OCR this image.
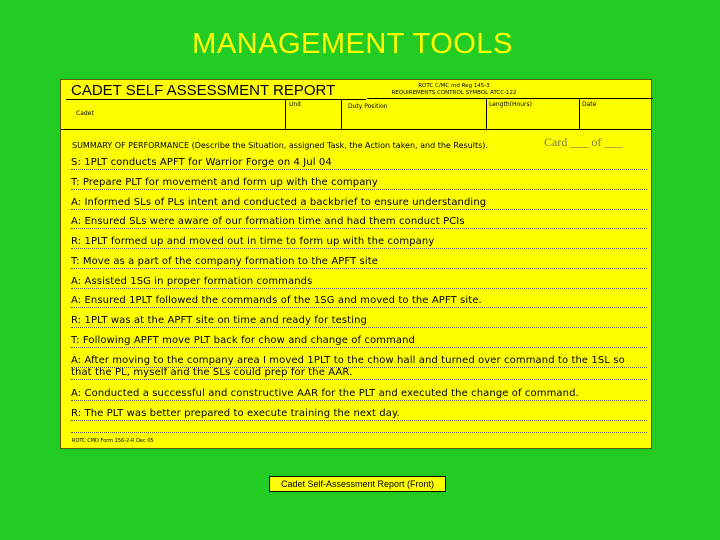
MANAGEMENT TOOLS
CADET SELF ASSESSMENT REPORT	ROTC C/MC md Reg 145-3
REQUIREMENTS CONTROL SYMBOL ATCC-122
Cadet
Unit	Duty Position	Length(Hours)	Date
SUMMARY OF PERFORMANCE (Describe the Situation, assigned Task, the Action taken, and the Results).	Card ___ of ___
S: 1PLT conducts APFT for Warrior Forge on 4 Jul 04
T: Prepare PLT for movement and form up with the company
A: Informed SLs of PLs intent and conducted a backbrief to ensure understanding
A: Ensured SLs were aware of our formation time and had them conduct PCIs
R: 1PLT formed up and moved out in time to form up with the company
T: Move as a part of the company formation to the APFT site
A: Assisted 1SG in proper formation commands
A: Ensured 1PLT followed the commands of the 1SG and moved to the APFT site.
R: 1PLT was at the APFT site on time and ready for testing
T: Following APFT move PLT back for chow and change of command
A: After moving to the company area I moved 1PLT to the chow hall and turned over command to the 1SL so that the PL, myself and the SLs could prep for the AAR.
A: Conducted a successful and constructive AAR for the PLT and executed the change of command.
R: The PLT was better prepared to execute training the next day.
ROTC CMD Form 156-2-R Dec 05
Cadet Self-Assessment Report (Front)
